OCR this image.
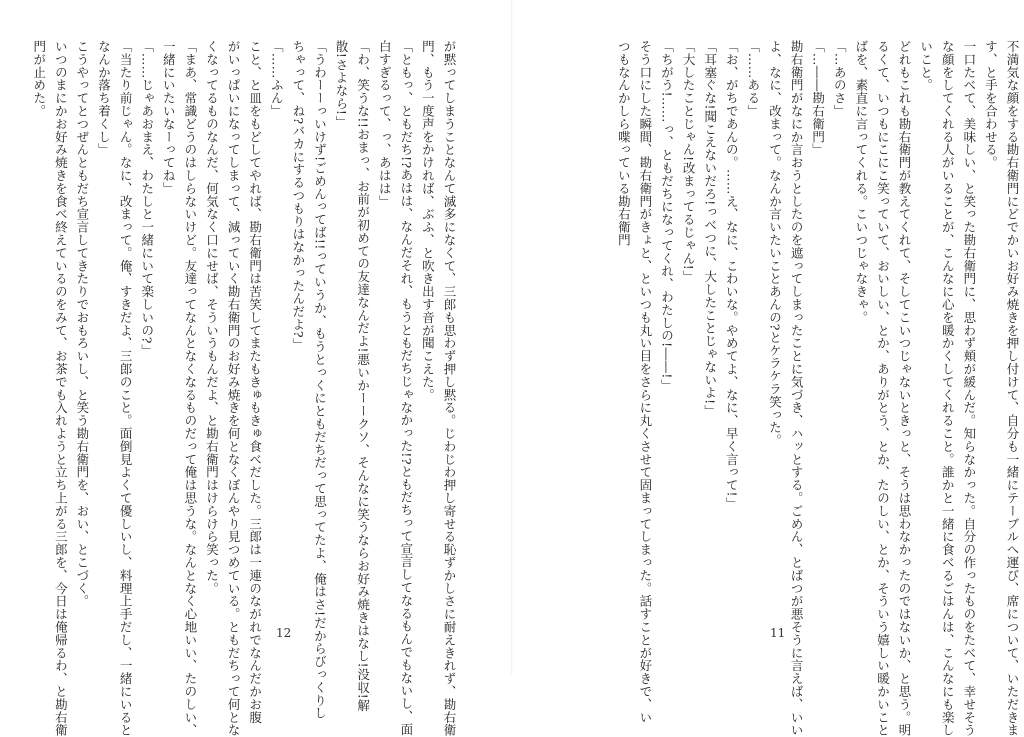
が黙ってしまうことなんて滅多になくて、三郎も思わず押し黙る。じわじわ押し寄せる恥ずかしさに耐えきれず、勘右衛

門、もう一度声をかければ、ぶふ、と吹き出す音が聞こえた。

「ともっ、ともだち!?あはは、なんだそれ、もうともだちじゃなかった!?ともだちって宣言してなるもんでもないし、面

白すぎるって、っ、あはは」

「わ、笑うな!!おまっ、お前が初めての友達なんだよ!悪いかーークソ、そんなに笑うならお好み焼きはなし!没収!解

散!さよなら!」

「うわーーっいけず!ごめんってば!!っていうか、もうとっくにともだちだって思ってたよ、俺はさ!だからびっくりし

ちゃって、ね?バカにするつもりはなかったんだよ?」

「……ふん」

こと、と皿をもどしてやれば、勘右衛門は苦笑してまたもきゅもきゅ食べだした。三郎は一連のながれでなんだかお腹

がいっぱいになってしまって、減っていく勘右衛門のお好み焼きを何となくぼんやり見つめている。ともだちって何とな

くなってるものなんだ、何気なく口にせば、そういうもんだよ、と勘右衛門はけらけら笑った。

「まあ、常識どうのはしらないけど。友達ってなんとなくなるものだって俺は思うな。なんとなく心地いい、たのしい、

一緒にいたいなーってね」

「……じゃあおまえ、わたしと一緒にいて楽しいの?」

「当たり前じゃん。なに、改まって。俺、すきだよ、三郎のこと。面倒見よくて優しいし、料理上手だし、一緒にいると

なんか落ち着くし」

こうやってとつぜんともだち宣言してきたりでおもろいし、と笑う勘右衛門を、おい、とこづく。

いつのまにかお好み焼きを食べ終えているのをみて、お茶でも入れようと立ち上がる三郎を、今日は俺帰るわ、と勘右衛

門が止めた。

12	不満気な顔をする勘右衛門にどでかいお好み焼きを押し付けて、自分も一緒にテーブルへ運び、席について、いただきま

す、と手を合わせる。

一口たべて、美味しい、と笑った勘右衛門に、思わず頬が緩んだ。知らなかった。自分の作ったものをたべて、幸せそう

な顔をしてくれる人がいることが、こんなに心を暖かくしてくれること。誰かと一緒に食べるごはんは、こんなにも楽し

いこと。

どれもこれも勘右衛門が教えてくれて、そしてこいつじゃないときっと、そうは思わなかったのではないか、と思う。明

るくて、いつもにこにこ笑っていて、おいしい、とか、ありがとう、とか、たのしい、とか、そういう嬉しい暖かいこと

ばを、素直に言ってくれる。こいつじゃなきゃ。

「…あのさ」

「…――勘右衛門」

勘右衛門がなにか言おうとしたのを遮ってしまったことに気づき、ハッとする。ごめん、とばつが悪そうに言えば、いい

よ、なに、改まって。なんか言いたいことあんの?とケラケラ笑った。

「……ある」

「お、がちであんの。……え、なに、こわいな。やめてよ、なに、早く言って!」

「耳塞ぐな!聞こえないだろ!っべつに、大したことじゃないよ!」

「大したことじゃん!改まってるじゃん!」

「ちがう!……っ、ともだちになってくれ、わたしの!――!」

そう口にした瞬間、勘右衛門がきょと、といつも丸い目をさらに丸くさせて固まってしまった。話すことが好きで、い

つもなんかしら喋っている勘右衛門

11
